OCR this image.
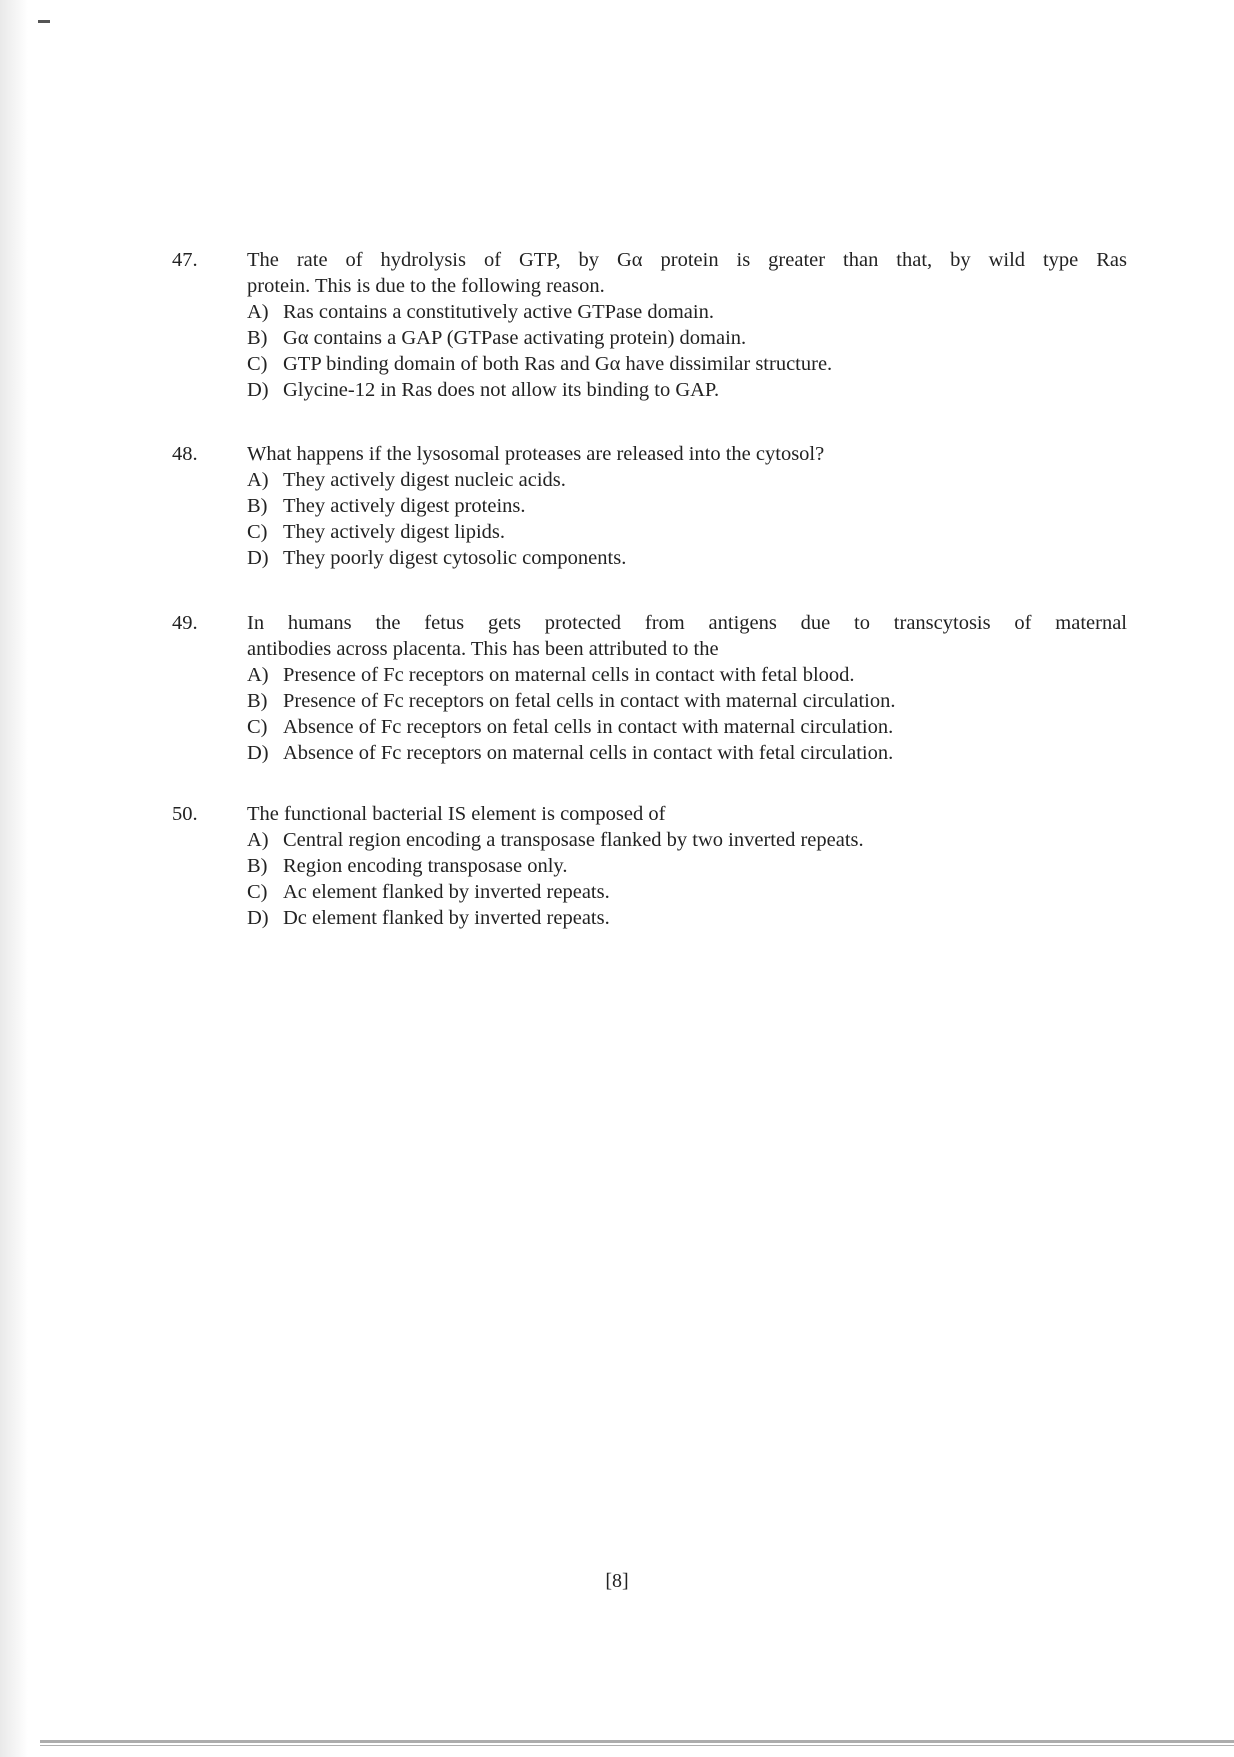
47.	The rate of hydrolysis of GTP, by Gα protein is greater than that, by wild type Ras
protein. This is due to the following reason.
A) Ras contains a constitutively active GTPase domain.
B) Gα contains a GAP (GTPase activating protein) domain.
C) GTP binding domain of both Ras and Gα have dissimilar structure.
D) Glycine-12 in Ras does not allow its binding to GAP.
48.	What happens if the lysosomal proteases are released into the cytosol?
A) They actively digest nucleic acids.
B) They actively digest proteins.
C) They actively digest lipids.
D) They poorly digest cytosolic components.
49.	In humans the fetus gets protected from antigens due to transcytosis of maternal
antibodies across placenta. This has been attributed to the
A) Presence of Fc receptors on maternal cells in contact with fetal blood.
B) Presence of Fc receptors on fetal cells in contact with maternal circulation.
C) Absence of Fc receptors on fetal cells in contact with maternal circulation.
D) Absence of Fc receptors on maternal cells in contact with fetal circulation.
50.	The functional bacterial IS element is composed of
A) Central region encoding a transposase flanked by two inverted repeats.
B) Region encoding transposase only.
C) Ac element flanked by inverted repeats.
D) Dc element flanked by inverted repeats.
[8]
